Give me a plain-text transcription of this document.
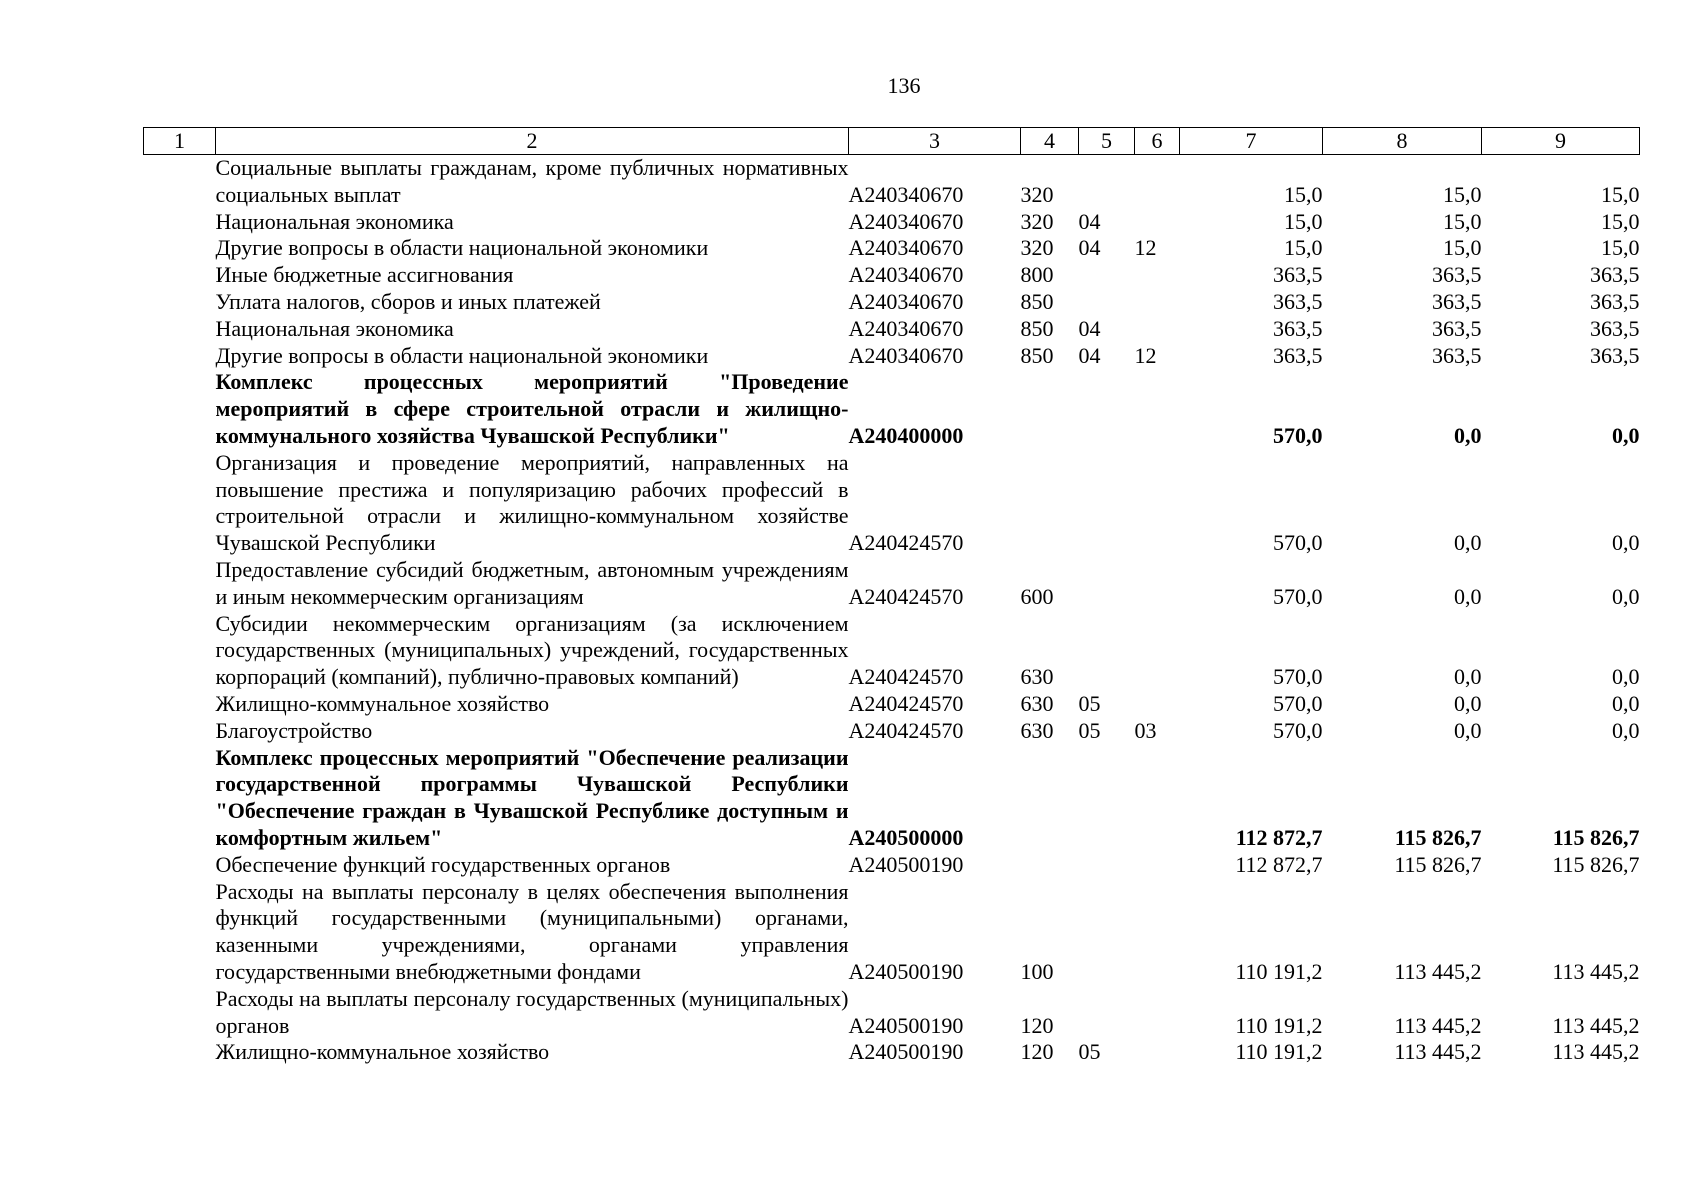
136
1	2	3	4	5	6	7	8	9
	Социальные выплаты гражданам, кроме публичных нормативных социальных выплат	А240340670	320			15,0	15,0	15,0
	Национальная экономика	А240340670	320	04		15,0	15,0	15,0
	Другие вопросы в области национальной экономики	А240340670	320	04	12	15,0	15,0	15,0
	Иные бюджетные ассигнования	А240340670	800			363,5	363,5	363,5
	Уплата налогов, сборов и иных платежей	А240340670	850			363,5	363,5	363,5
	Национальная экономика	А240340670	850	04		363,5	363,5	363,5
	Другие вопросы в области национальной экономики	А240340670	850	04	12	363,5	363,5	363,5
	Комплекс процессных мероприятий "Проведение мероприятий в сфере строительной отрасли и жилищно-коммунального хозяйства Чувашской Республики"	А240400000				570,0	0,0	0,0
	Организация и проведение мероприятий, направленных на повышение престижа и популяризацию рабочих профессий в строительной отрасли и жилищно-коммунальном хозяйстве Чувашской Республики	А240424570				570,0	0,0	0,0
	Предоставление субсидий бюджетным, автономным учреждениям и иным некоммерческим организациям	А240424570	600			570,0	0,0	0,0
	Субсидии некоммерческим организациям (за исключением государственных (муниципальных) учреждений, государственных корпораций (компаний), публично-правовых компаний)	А240424570	630			570,0	0,0	0,0
	Жилищно-коммунальное хозяйство	А240424570	630	05		570,0	0,0	0,0
	Благоустройство	А240424570	630	05	03	570,0	0,0	0,0
	Комплекс процессных мероприятий "Обеспечение реализации государственной программы Чувашской Республики "Обеспечение граждан в Чувашской Республике доступным и комфортным жильем"	А240500000				112 872,7	115 826,7	115 826,7
	Обеспечение функций государственных органов	А240500190				112 872,7	115 826,7	115 826,7
	Расходы на выплаты персоналу в целях обеспечения выполнения функций государственными (муниципальными) органами, казенными учреждениями, органами управления государственными внебюджетными фондами	А240500190	100			110 191,2	113 445,2	113 445,2
	Расходы на выплаты персоналу государственных (муниципальных) органов	А240500190	120			110 191,2	113 445,2	113 445,2
	Жилищно-коммунальное хозяйство	А240500190	120	05		110 191,2	113 445,2	113 445,2
